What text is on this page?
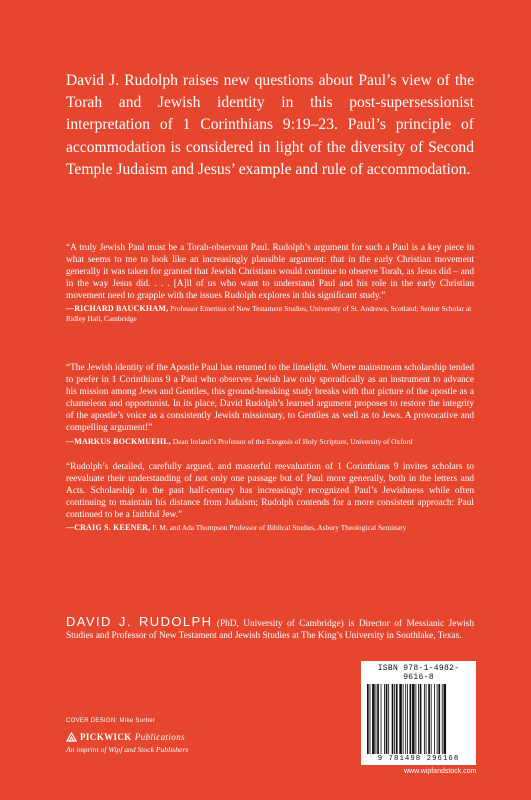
David J. Rudolph raises new questions about Paul’s view of the Torah and Jewish identity in this post-supersessionist interpretation of 1 Corinthians 9:19–23. Paul’s principle of accommodation is considered in light of the diversity of Second Temple Judaism and Jesus’ example and rule of accommodation.

“A truly Jewish Paul must be a Torah-observant Paul. Rudolph’s argument for such a Paul is a key piece in what seems to me to look like an increasingly plausible argument: that in the early Christian movement generally it was taken for granted that Jewish Christians would continue to observe Torah, as Jesus did – and in the way Jesus did. . . . [A]ll of us who want to understand Paul and his role in the early Christian movement need to grapple with the issues Rudolph explores in this significant study.”

—RICHARD BAUCKHAM, Professor Emeritus of New Testament Studies, University of St. Andrews, Scotland; Senior Scholar at Ridley Hall, Cambridge

“The Jewish identity of the Apostle Paul has returned to the limelight. Where mainstream scholarship tended to prefer in 1 Corinthians 9 a Paul who observes Jewish law only sporadically as an instrument to advance his mission among Jews and Gentiles, this ground-breaking study breaks with that picture of the apostle as a chameleon and opportunist. In its place, David Rudolph’s learned argument proposes to restore the integrity of the apostle’s voice as a consistently Jewish missionary, to Gentiles as well as to Jews. A provocative and compelling argument!”

—MARKUS BOCKMUEHL, Dean Ireland’s Professor of the Exegesis of Holy Scripture, University of Oxford

“Rudolph’s detailed, carefully argued, and masterful reevaluation of 1 Corinthians 9 invites scholars to reevaluate their understanding of not only one passage but of Paul more generally, both in the letters and Acts. Scholarship in the past half-century has increasingly recognized Paul’s Jewishness while often continuing to maintain his distance from Judaism; Rudolph contends for a more consistent approach: Paul continued to be a faithful Jew.”

—CRAIG S. KEENER, F. M. and Ada Thompson Professor of Biblical Studies, Asbury Theological Seminary
DAVID J. RUDOLPH (PhD, University of Cambridge) is Director of Messianic Jewish Studies and Professor of New Testament and Jewish Studies at The King’s University in Southlake, Texas.
COVER DESIGN: Mike Surber
PICKWICK Publications
An imprint of Wipf and Stock Publishers
ISBN 978-1-4982-9616-8
9 781498 296168
www.wipfandstock.com
